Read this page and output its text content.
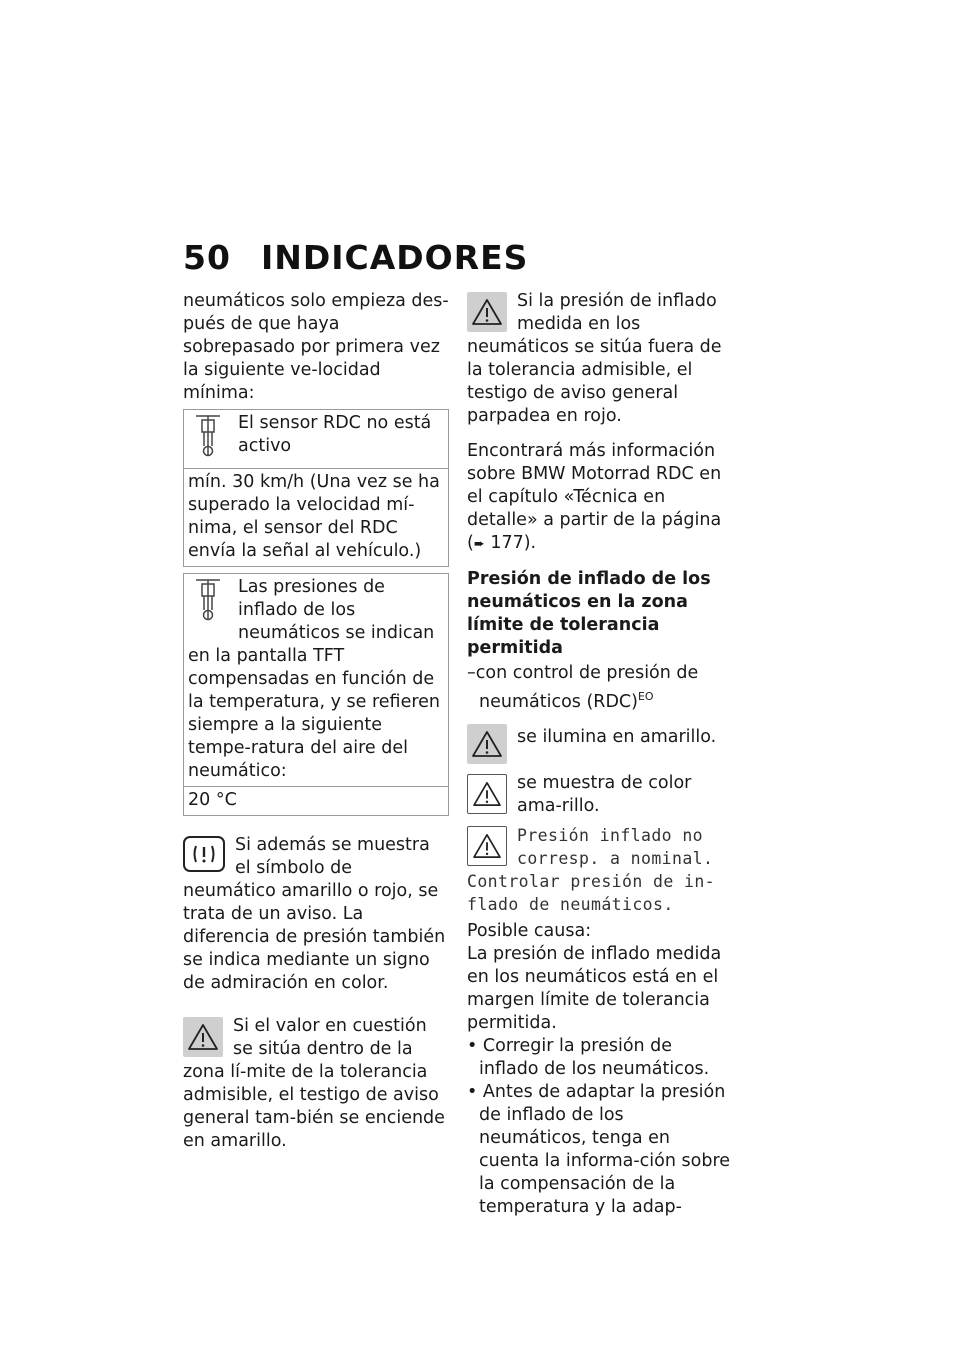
50 INDICADORES

neumáticos solo empieza des-pués de que haya sobrepasado por primera vez la siguiente ve-locidad mínima:

El sensor RDC no está activo

mín. 30 km/h (Una vez se ha superado la velocidad mí-nima, el sensor del RDC envía la señal al vehículo.)

Las presiones de inflado de los neumáticos se indican en la pantalla TFT compensadas en función de la temperatura, y se refieren siempre a la siguiente tempe-ratura del aire del neumático:

20 °C

Si además se muestra el símbolo de neumático amarillo o rojo, se trata de un aviso. La diferencia de presión también se indica mediante un signo de admiración en color.

Si el valor en cuestión se sitúa dentro de la zona lí-mite de la tolerancia admisible, el testigo de aviso general tam-bién se enciende en amarillo.

Si la presión de inflado medida en los neumáticos se sitúa fuera de la tolerancia admisible, el testigo de aviso general parpadea en rojo.

Encontrará más información sobre BMW Motorrad RDC en el capítulo «Técnica en detalle» a partir de la página (➨ 177).

Presión de inflado de los neumáticos en la zona límite de tolerancia permitida

–con control de presión de neumáticos (RDC)$^{EO}$

se ilumina en amarillo.

se muestra de color ama-rillo.

Presión inflado no
corresp. a nominal.

Controlar presión de in-flado de neumáticos.

Posible causa:

La presión de inflado medida en los neumáticos está en el margen límite de tolerancia permitida.

• Corregir la presión de inflado de los neumáticos.

• Antes de adaptar la presión de inflado de los neumáticos, tenga en cuenta la informa-ción sobre la compensación de la temperatura y la adap-
